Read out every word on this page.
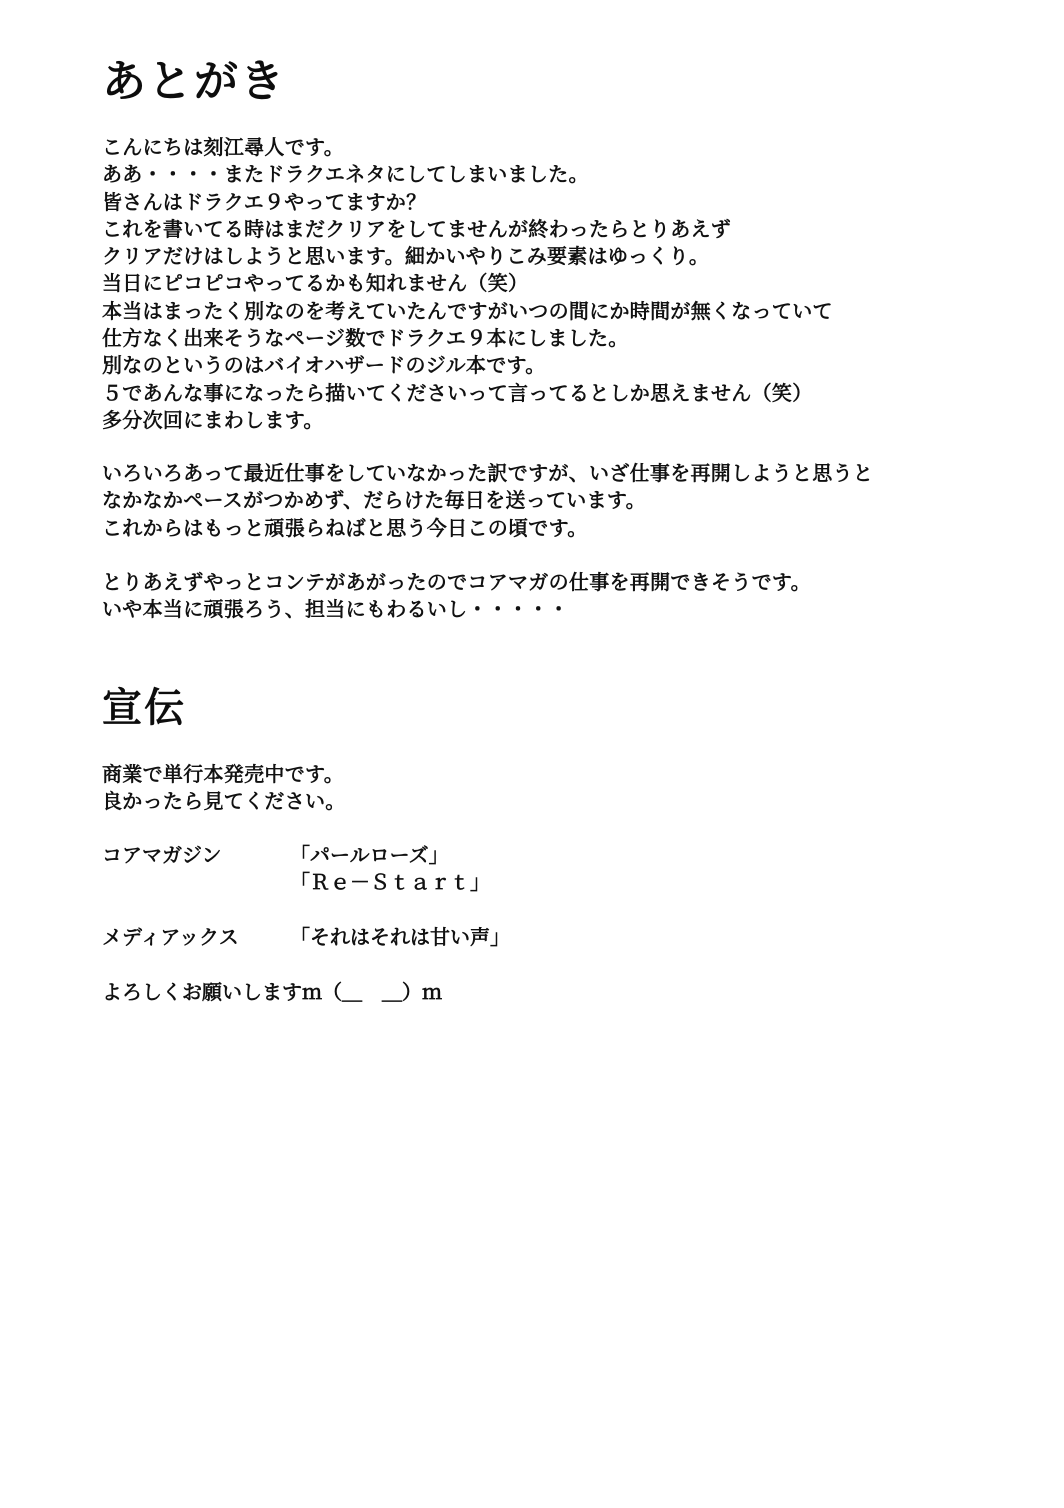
あとがき
こんにちは刻江尋人です。
ああ・・・・またドラクエネタにしてしまいました。
皆さんはドラクエ９やってますか？
これを書いてる時はまだクリアをしてませんが終わったらとりあえず
クリアだけはしようと思います。細かいやりこみ要素はゆっくり。
当日にピコピコやってるかも知れません（笑）
本当はまったく別なのを考えていたんですがいつの間にか時間が無くなっていて
仕方なく出来そうなページ数でドラクエ９本にしました。
別なのというのはバイオハザードのジル本です。
５であんな事になったら描いてくださいって言ってるとしか思えません（笑）
多分次回にまわします。
いろいろあって最近仕事をしていなかった訳ですが、いざ仕事を再開しようと思うと
なかなかペースがつかめず、だらけた毎日を送っています。
これからはもっと頑張らねばと思う今日この頃です。
とりあえずやっとコンテがあがったのでコアマガの仕事を再開できそうです。
いや本当に頑張ろう、担当にもわるいし・・・・・
宣伝
商業で単行本発売中です。
良かったら見てください。
コアマガジン	「パールローズ」
「Ｒｅ－Ｓｔａｒｔ」
メディアックス	「それはそれは甘い声」
よろしくお願いしますｍ（＿　＿）ｍ
